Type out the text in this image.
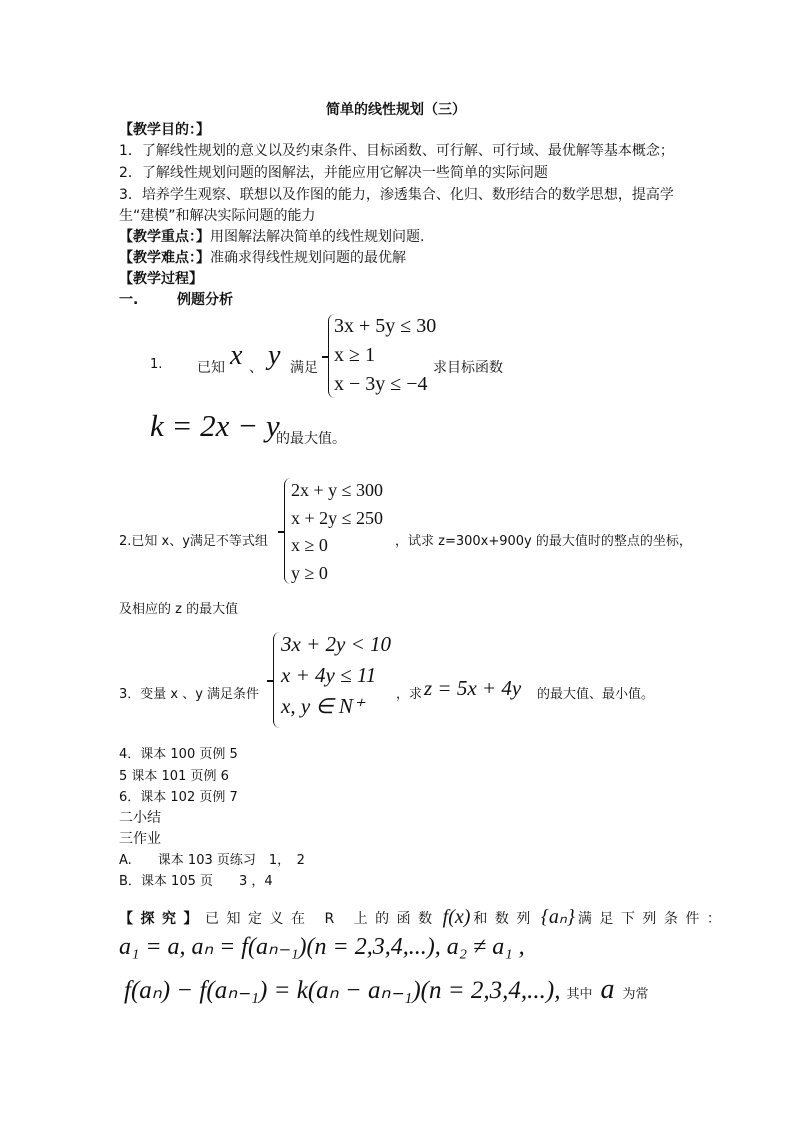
简单的线性规划（三）
【教学目的：】
1．了解线性规划的意义以及约束条件、目标函数、可行解、可行域、最优解等基本概念；
2．了解线性规划问题的图解法，并能应用它解决一些简单的实际问题
3．培养学生观察、联想以及作图的能力，渗透集合、化归、数形结合的数学思想，提高学
生“建模”和解决实际问题的能力
【教学重点：】用图解法解决简单的线性规划问题.
【教学难点：】准确求得线性规划问题的最优解
【教学过程】
一.	例题分析
1. 已知 x 、 y 满足
3x + 5y ≤ 30
x ≥ 1
x − 3y ≤ −4
求目标函数
k = 2x − y
的最大值。
2.已知 x、y满足不等式组
2x + y ≤ 300
x + 2y ≤ 250
x ≥ 0
y ≥ 0
，试求 z=300x+900y 的最大值时的整点的坐标，
及相应的 z 的最大值
3．变量 x 、y 满足条件
3x + 2y < 10
x + 4y ≤ 11
x, y ∈ N⁺	，求 z = 5x + 4y 的最大值、最小值。
4．课本 100 页例 5
5 课本 101 页例 6
6．课本 102 页例 7
二小结
三作业
A.　　课本 103 页练习　1，　2
B．课本 105 页　　3 ，4
【探究】已知定义在 R 上的函数 f(x) 和数列 {aₙ} 满足下列条件：
a₁ = a, aₙ = f(aₙ₋₁)(n = 2,3,4,...), a₂ ≠ a₁ ,
f(aₙ) − f(aₙ₋₁) = k(aₙ − aₙ₋₁)(n = 2,3,4,...), 其中 a 为常
